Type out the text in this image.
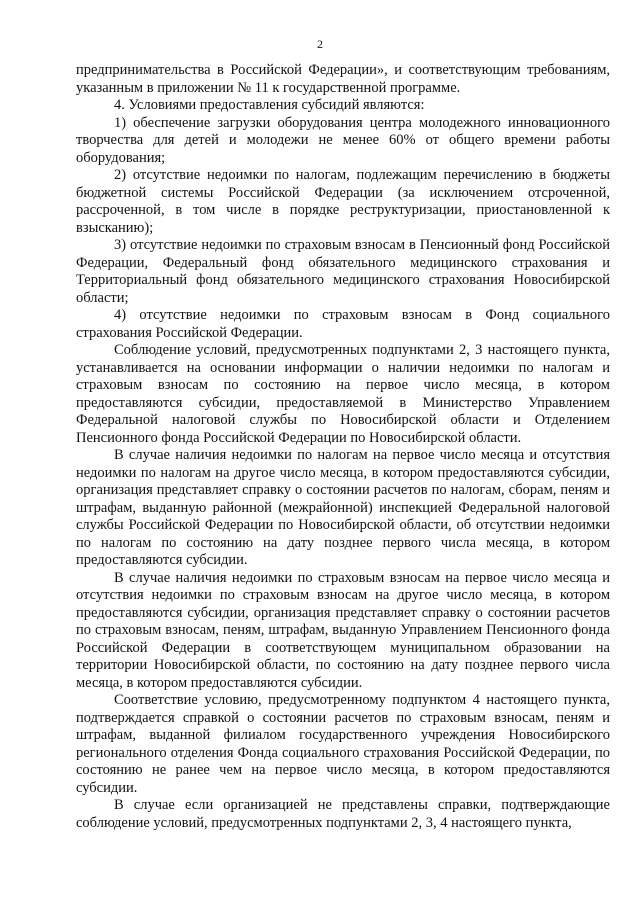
2

предпринимательства в Российской Федерации», и соответствующим требованиям, указанным в приложении № 11 к государственной программе.

4. Условиями предоставления субсидий являются:

1) обеспечение загрузки оборудования центра молодежного инновационного творчества для детей и молодежи не менее 60% от общего времени работы оборудования;

2) отсутствие недоимки по налогам, подлежащим перечислению в бюджеты бюджетной системы Российской Федерации (за исключением отсроченной, рассроченной, в том числе в порядке реструктуризации, приостановленной к взысканию);

3) отсутствие недоимки по страховым взносам в Пенсионный фонд Российской Федерации, Федеральный фонд обязательного медицинского страхования и Территориальный фонд обязательного медицинского страхования Новосибирской области;

4) отсутствие недоимки по страховым взносам в Фонд социального страхования Российской Федерации.

Соблюдение условий, предусмотренных подпунктами 2, 3 настоящего пункта, устанавливается на основании информации о наличии недоимки по налогам и страховым взносам по состоянию на первое число месяца, в котором предоставляются субсидии, предоставляемой в Министерство Управлением Федеральной налоговой службы по Новосибирской области и Отделением Пенсионного фонда Российской Федерации по Новосибирской области.

В случае наличия недоимки по налогам на первое число месяца и отсутствия недоимки по налогам на другое число месяца, в котором предоставляются субсидии, организация представляет справку о состоянии расчетов по налогам, сборам, пеням и штрафам, выданную районной (межрайонной) инспекцией Федеральной налоговой службы Российской Федерации по Новосибирской области, об отсутствии недоимки по налогам по состоянию на дату позднее первого числа месяца, в котором предоставляются субсидии.

В случае наличия недоимки по страховым взносам на первое число месяца и отсутствия недоимки по страховым взносам на другое число месяца, в котором предоставляются субсидии, организация представляет справку о состоянии расчетов по страховым взносам, пеням, штрафам, выданную Управлением Пенсионного фонда Российской Федерации в соответствующем муниципальном образовании на территории Новосибирской области, по состоянию на дату позднее первого числа месяца, в котором предоставляются субсидии.

Соответствие условию, предусмотренному подпунктом 4 настоящего пункта, подтверждается справкой о состоянии расчетов по страховым взносам, пеням и штрафам, выданной филиалом государственного учреждения Новосибирского регионального отделения Фонда социального страхования Российской Федерации, по состоянию не ранее чем на первое число месяца, в котором предоставляются субсидии.

В случае если организацией не представлены справки, подтверждающие соблюдение условий, предусмотренных подпунктами 2, 3, 4 настоящего пункта,
